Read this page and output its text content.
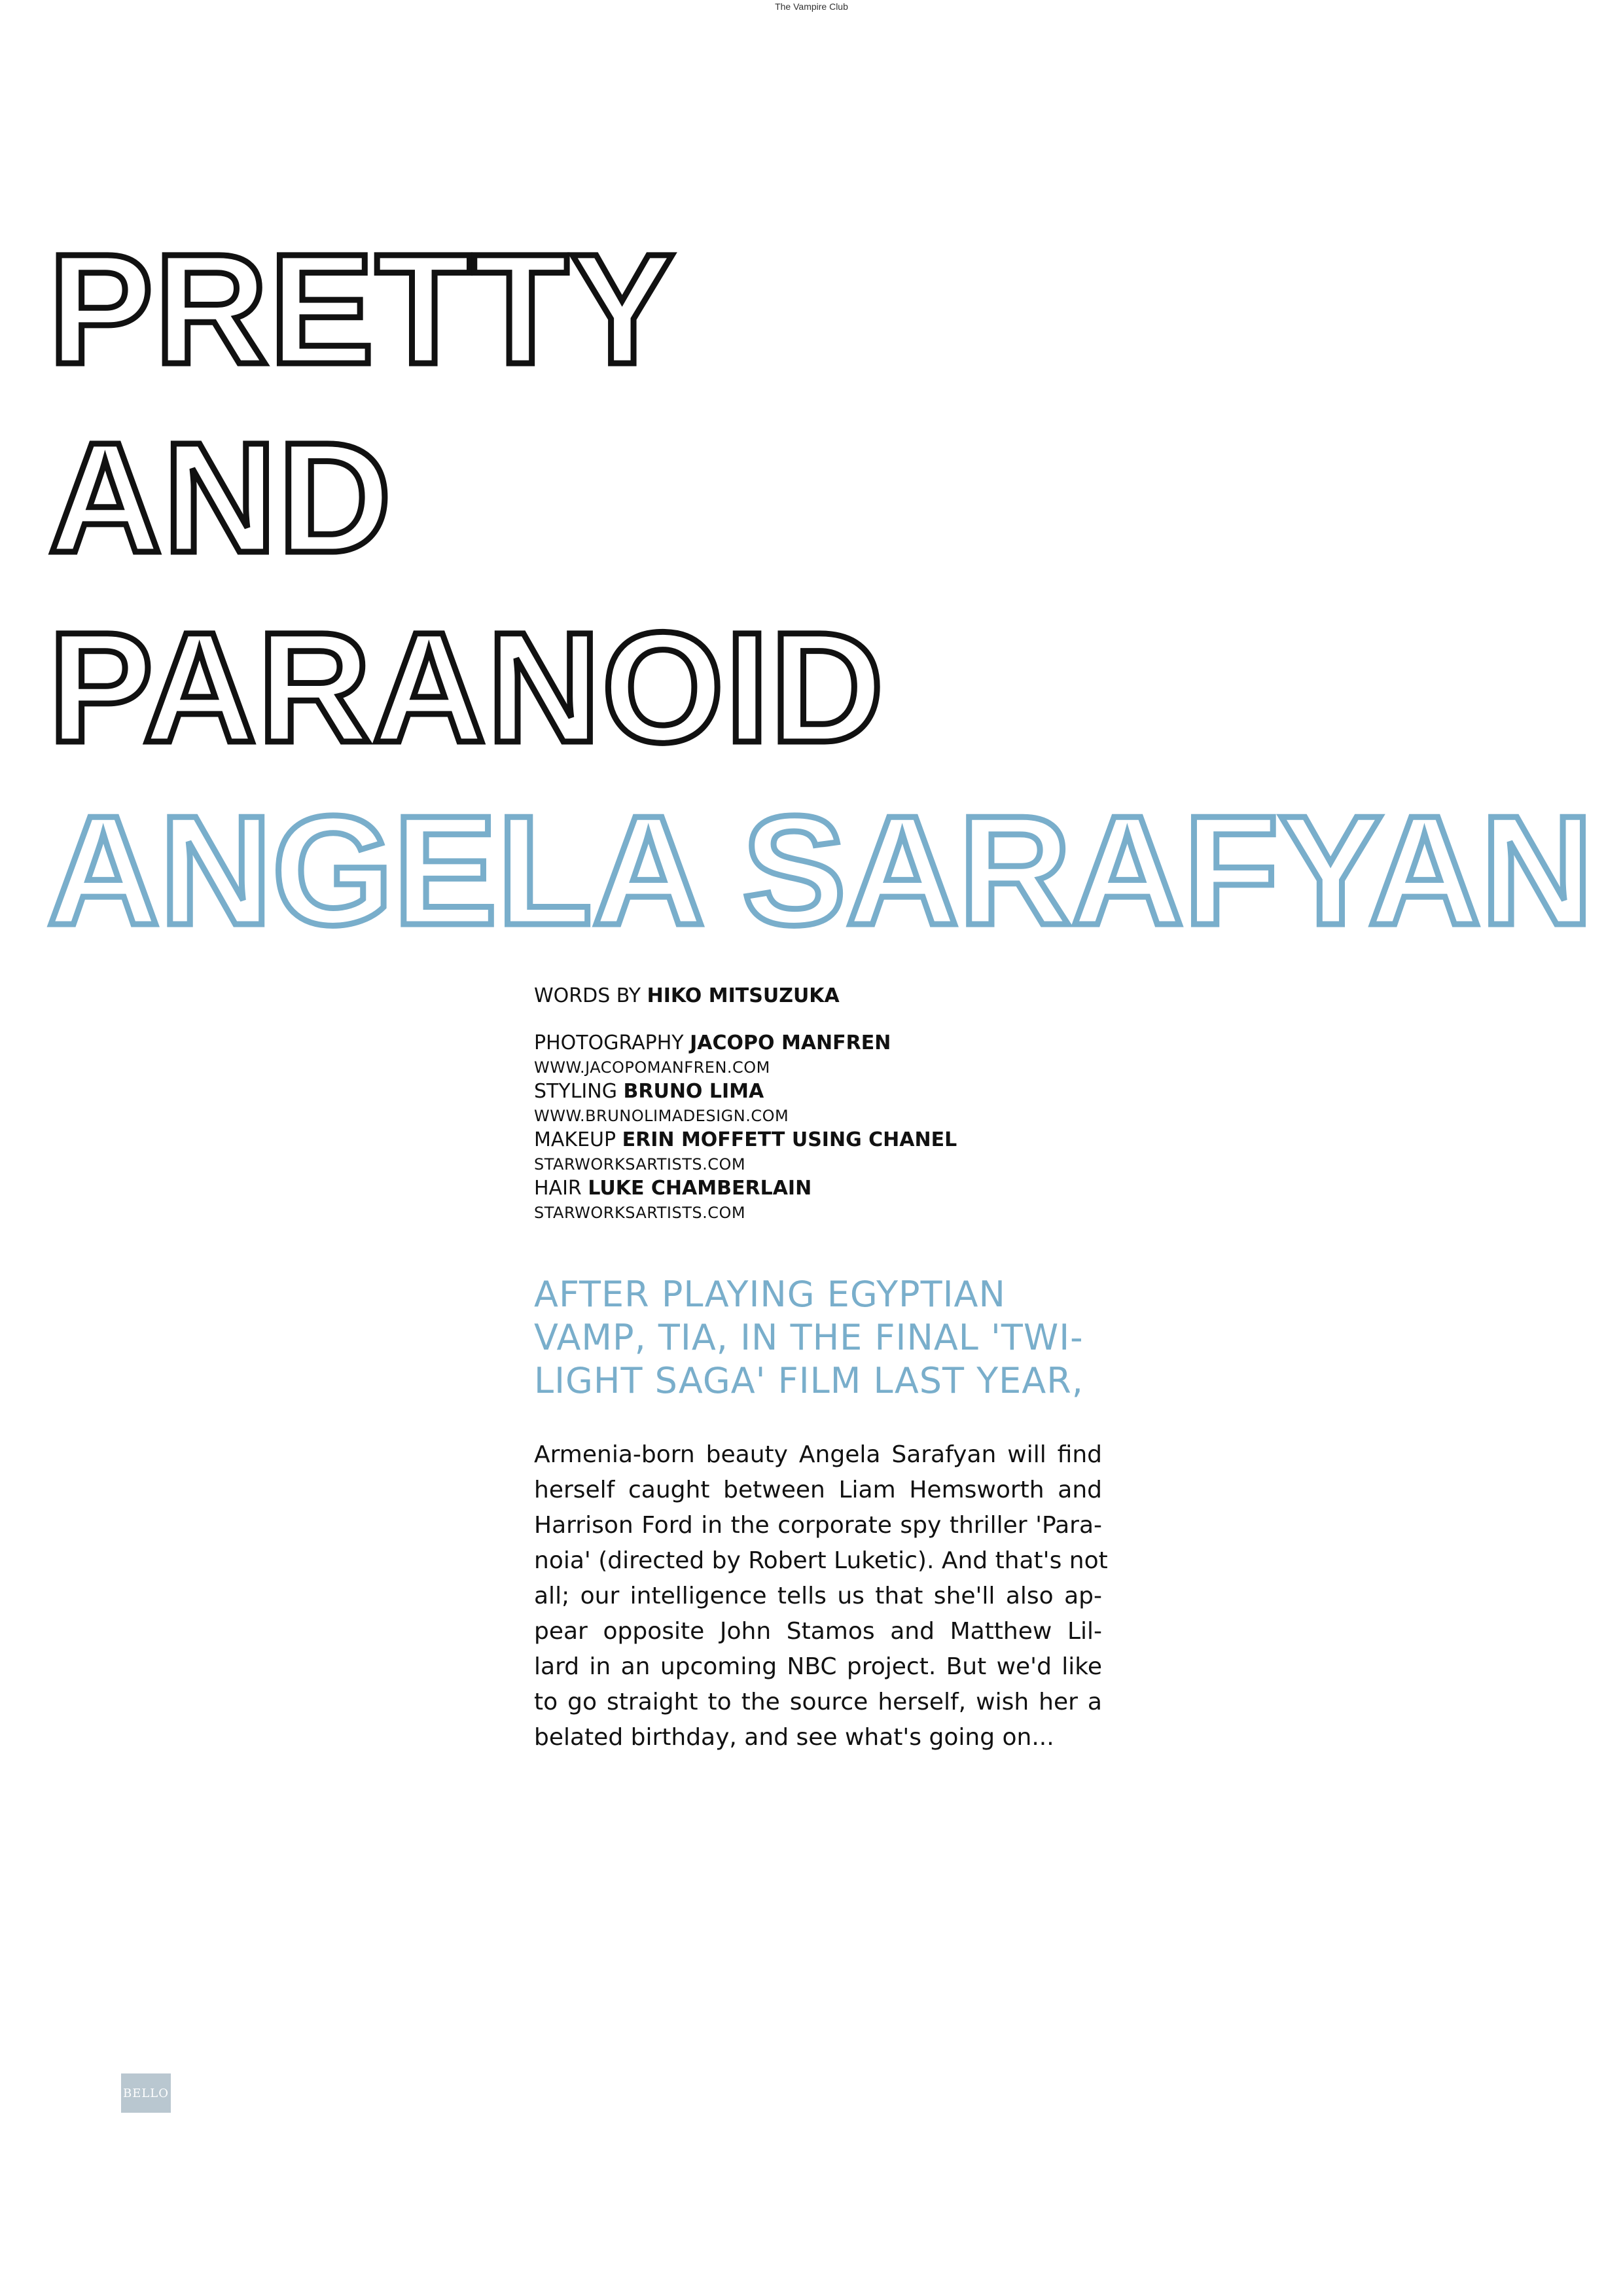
The Vampire Club
PRETTY
AND
PARANOID
ANGELA SARAFYAN
WORDS BY HIKO MITSUZUKA
PHOTOGRAPHY JACOPO MANFREN
WWW.JACOPOMANFREN.COM
STYLING BRUNO LIMA
WWW.BRUNOLIMADESIGN.COM
MAKEUP ERIN MOFFETT USING CHANEL
STARWORKSARTISTS.COM
HAIR LUKE CHAMBERLAIN
STARWORKSARTISTS.COM
AFTER PLAYING EGYPTIAN
VAMP, TIA, IN THE FINAL 'TWI-
LIGHT SAGA' FILM LAST YEAR,
Armenia-born beauty Angela Sarafyan will find
herself caught between Liam Hemsworth and
Harrison Ford in the corporate spy thriller 'Para-
noia' (directed by Robert Luketic). And that's not
all; our intelligence tells us that she'll also ap-
pear opposite John Stamos and Matthew Lil-
lard in an upcoming NBC project. But we'd like
to go straight to the source herself, wish her a
belated birthday, and see what's going on...
BELLO
